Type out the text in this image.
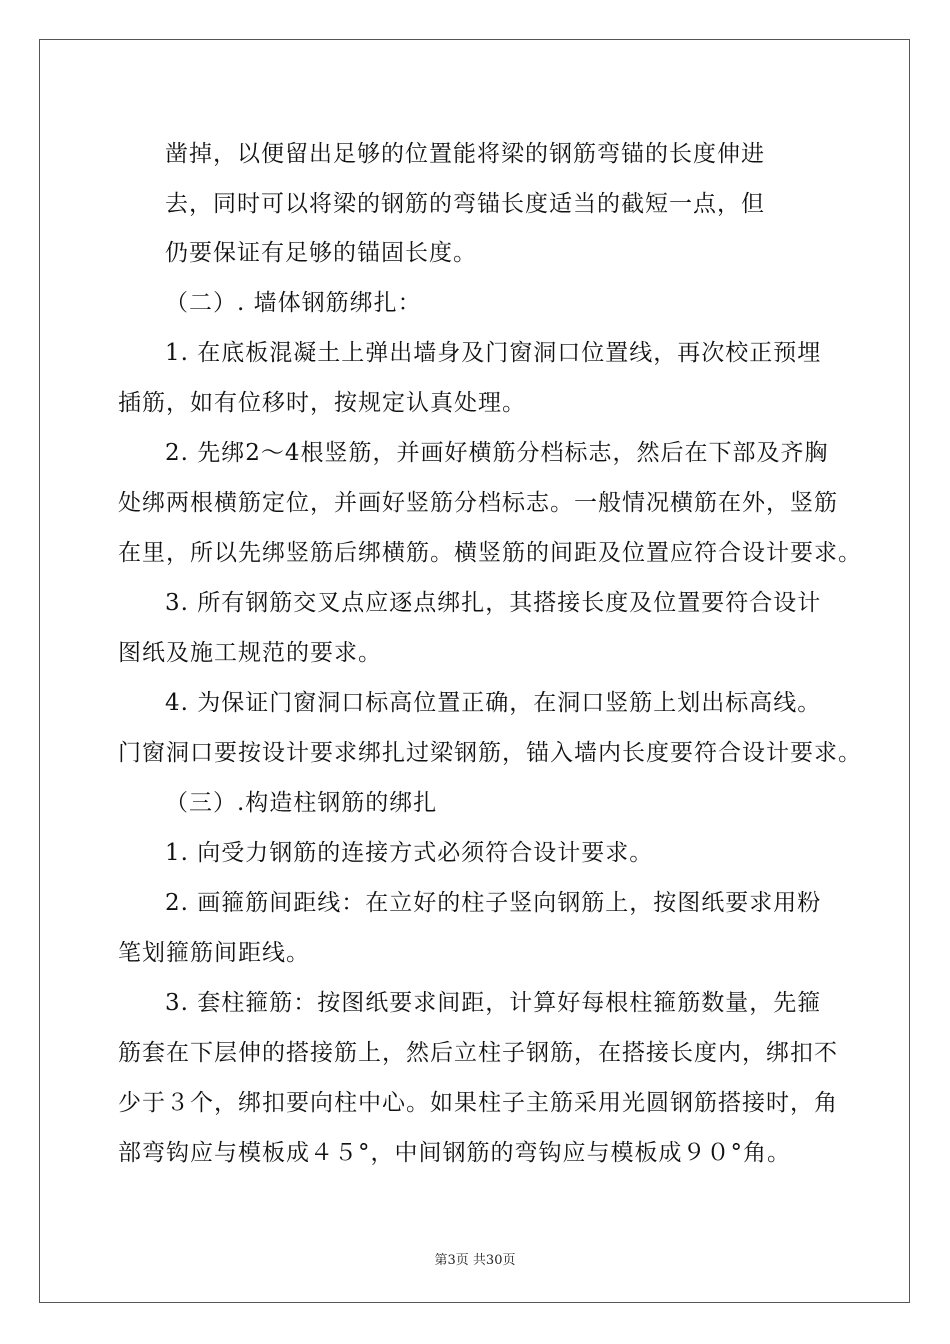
凿掉，以便留出足够的位置能将梁的钢筋弯锚的长度伸进
去，同时可以将梁的钢筋的弯锚长度适当的截短一点，但
仍要保证有足够的锚固长度。
（二）. 墙体钢筋绑扎：
1. 在底板混凝土上弹出墙身及门窗洞口位置线，再次校正预埋
插筋，如有位移时，按规定认真处理。
2. 先绑2～4根竖筋，并画好横筋分档标志，然后在下部及齐胸
处绑两根横筋定位，并画好竖筋分档标志。一般情况横筋在外，竖筋
在里，所以先绑竖筋后绑横筋。横竖筋的间距及位置应符合设计要求。
3. 所有钢筋交叉点应逐点绑扎，其搭接长度及位置要符合设计
图纸及施工规范的要求。
4. 为保证门窗洞口标高位置正确，在洞口竖筋上划出标高线。
门窗洞口要按设计要求绑扎过梁钢筋，锚入墙内长度要符合设计要求。
（三）.构造柱钢筋的绑扎
1. 向受力钢筋的连接方式必须符合设计要求。
2. 画箍筋间距线：在立好的柱子竖向钢筋上，按图纸要求用粉
笔划箍筋间距线。
3. 套柱箍筋：按图纸要求间距，计算好每根柱箍筋数量，先箍
筋套在下层伸的搭接筋上，然后立柱子钢筋，在搭接长度内，绑扣不
少于３个，绑扣要向柱中心。如果柱子主筋采用光圆钢筋搭接时，角
部弯钩应与模板成４５°，中间钢筋的弯钩应与模板成９０°角。
第3页 共30页
